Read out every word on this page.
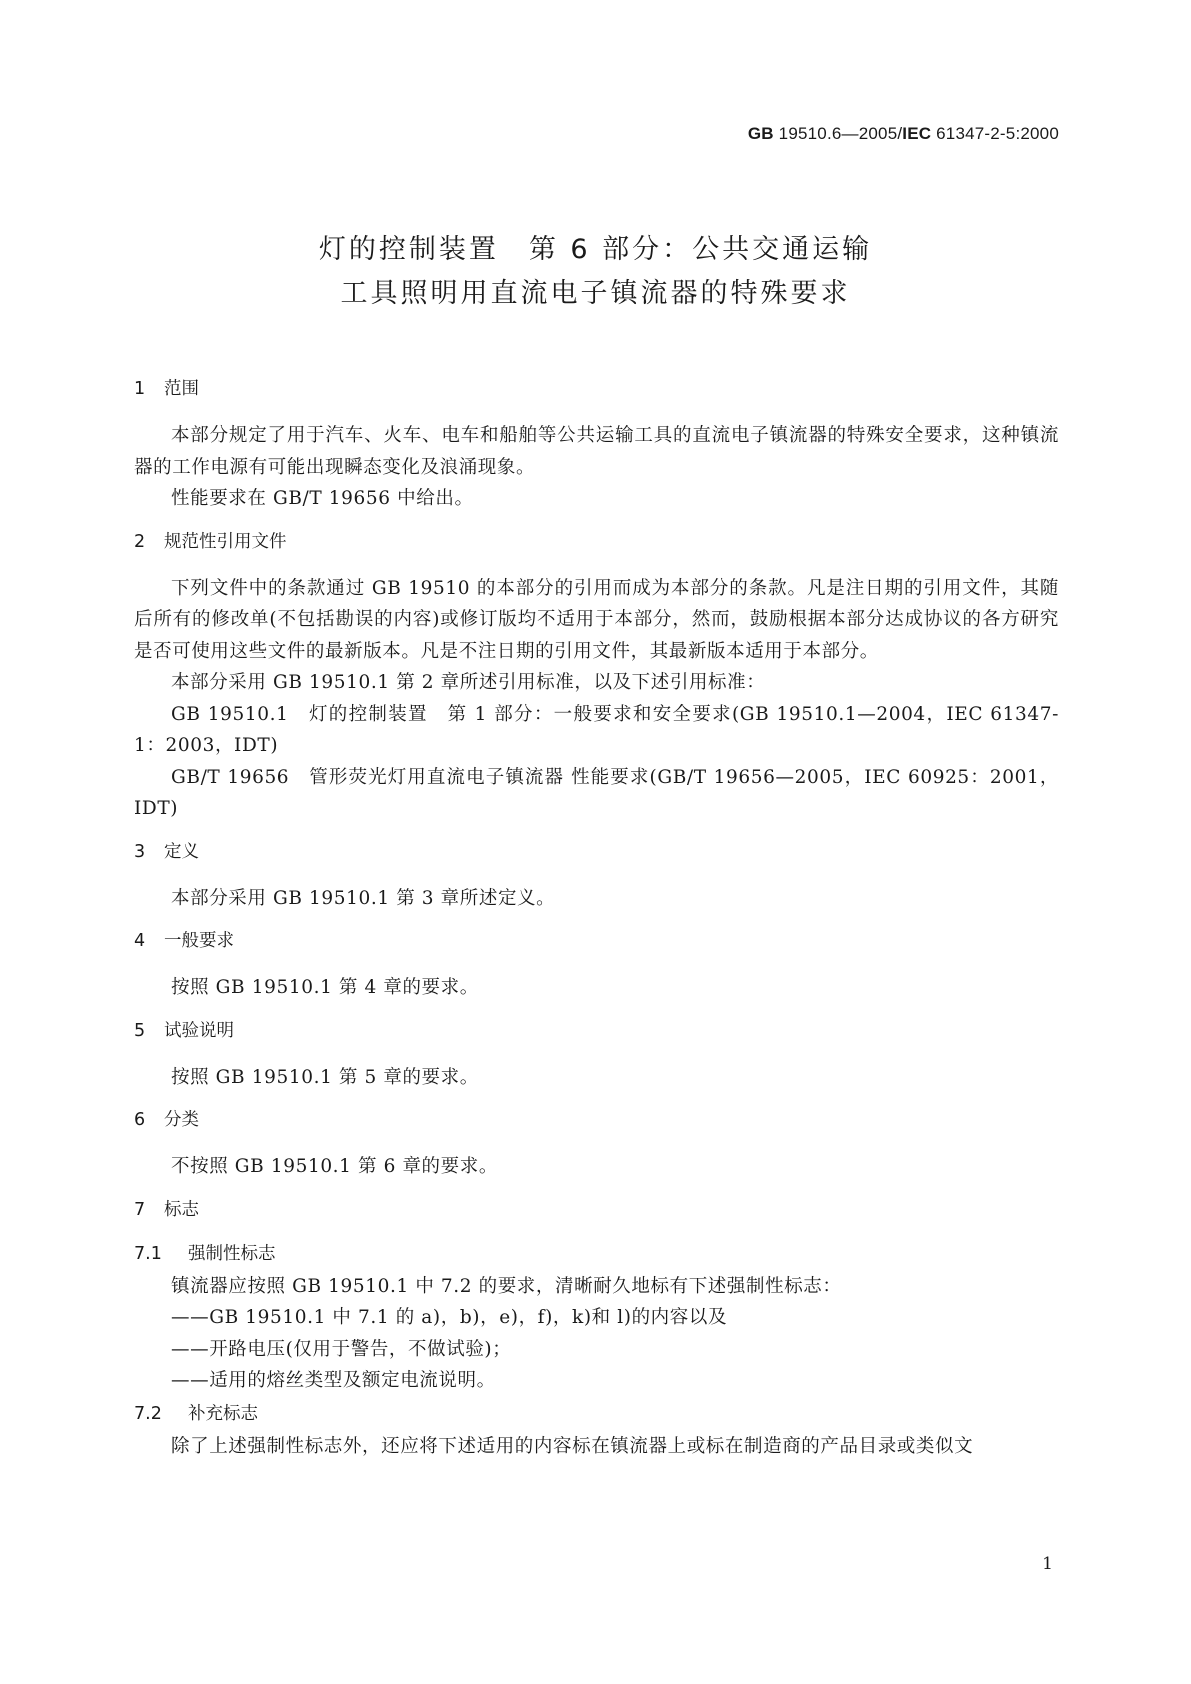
GB 19510.6—2005/IEC 61347-2-5:2000
灯的控制装置　第 6 部分：公共交通运输
工具照明用直流电子镇流器的特殊要求
1 范围

本部分规定了用于汽车、火车、电车和船舶等公共运输工具的直流电子镇流器的特殊安全要求，这种镇流器的工作电源有可能出现瞬态变化及浪涌现象。

性能要求在 GB/T 19656 中给出。

2 规范性引用文件

下列文件中的条款通过 GB 19510 的本部分的引用而成为本部分的条款。凡是注日期的引用文件，其随后所有的修改单(不包括勘误的内容)或修订版均不适用于本部分，然而，鼓励根据本部分达成协议的各方研究是否可使用这些文件的最新版本。凡是不注日期的引用文件，其最新版本适用于本部分。

本部分采用 GB 19510.1 第 2 章所述引用标准，以及下述引用标准：

GB 19510.1　灯的控制装置　第 1 部分：一般要求和安全要求(GB 19510.1—2004，IEC 61347-1：2003，IDT)

GB/T 19656　管形荧光灯用直流电子镇流器 性能要求(GB/T 19656—2005，IEC 60925：2001，IDT)

3 定义

本部分采用 GB 19510.1 第 3 章所述定义。

4 一般要求

按照 GB 19510.1 第 4 章的要求。

5 试验说明

按照 GB 19510.1 第 5 章的要求。

6 分类

不按照 GB 19510.1 第 6 章的要求。

7 标志
7.1 强制性标志

镇流器应按照 GB 19510.1 中 7.2 的要求，清晰耐久地标有下述强制性标志：

——GB 19510.1 中 7.1 的 a)，b)，e)，f)，k)和 l)的内容以及
——开路电压(仅用于警告，不做试验)；
——适用的熔丝类型及额定电流说明。
7.2 补充标志

除了上述强制性标志外，还应将下述适用的内容标在镇流器上或标在制造商的产品目录或类似文

1
